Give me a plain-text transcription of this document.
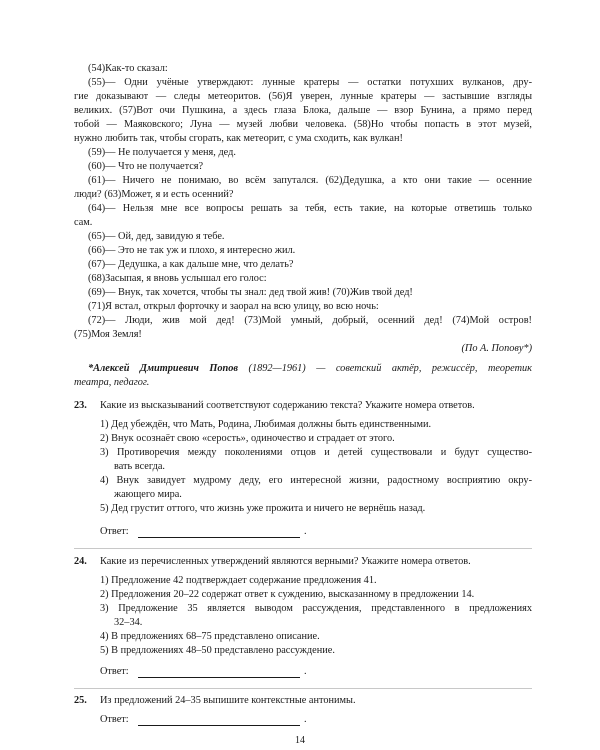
(54)Как-то сказал:
(55)— Одни учёные утверждают: лунные кратеры — остатки потухших вулканов, дру-
гие доказывают — следы метеоритов. (56)Я уверен, лунные кратеры — застывшие взгляды
великих. (57)Вот очи Пушкина, а здесь глаза Блока, дальше — взор Бунина, а прямо перед
тобой — Маяковского; Луна — музей любви человека. (58)Но чтобы попасть в этот музей,
нужно любить так, чтобы сгорать, как метеорит, с ума сходить, как вулкан!
(59)— Не получается у меня, дед.
(60)— Что не получается?
(61)— Ничего не понимаю, во всём запутался. (62)Дедушка, а кто они такие — осенние
люди? (63)Может, я и есть осенний?
(64)— Нельзя мне все вопросы решать за тебя, есть такие, на которые ответишь только
сам.
(65)— Ой, дед, завидую я тебе.
(66)— Это не так уж и плохо, я интересно жил.
(67)— Дедушка, а как дальше мне, что делать?
(68)Засыпая, я вновь услышал его голос:
(69)— Внук, так хочется, чтобы ты знал: дед твой жив! (70)Жив твой дед!
(71)Я встал, открыл форточку и заорал на всю улицу, во всю ночь:
(72)— Люди, жив мой дед! (73)Мой умный, добрый, осенний дед! (74)Мой остров!
(75)Моя Земля!
(По А. Попову*)
*Алексей Дмитриевич Попов (1892—1961) — советский актёр, режиссёр, теоретик
театра, педагог.
23. Какие из высказываний соответствуют содержанию текста? Укажите номера ответов.
1) Дед убеждён, что Мать, Родина, Любимая должны быть единственными.
2) Внук осознаёт свою «серость», одиночество и страдает от этого.
3) Противоречия между поколениями отцов и детей существовали и будут существо-
вать всегда.
4) Внук завидует мудрому деду, его интересной жизни, радостному восприятию окру-
жающего мира.
5) Дед грустит оттого, что жизнь уже прожита и ничего не вернёшь назад.
Ответ:	.
24. Какие из перечисленных утверждений являются верными? Укажите номера ответов.
1) Предложение 42 подтверждает содержание предложения 41.
2) Предложения 20–22 содержат ответ к суждению, высказанному в предложении 14.
3) Предложение 35 является выводом рассуждения, представленного в предложениях
32–34.
4) В предложениях 68–75 представлено описание.
5) В предложениях 48–50 представлено рассуждение.
Ответ:	.
25. Из предложений 24–35 выпишите контекстные антонимы.
Ответ:	.
14
